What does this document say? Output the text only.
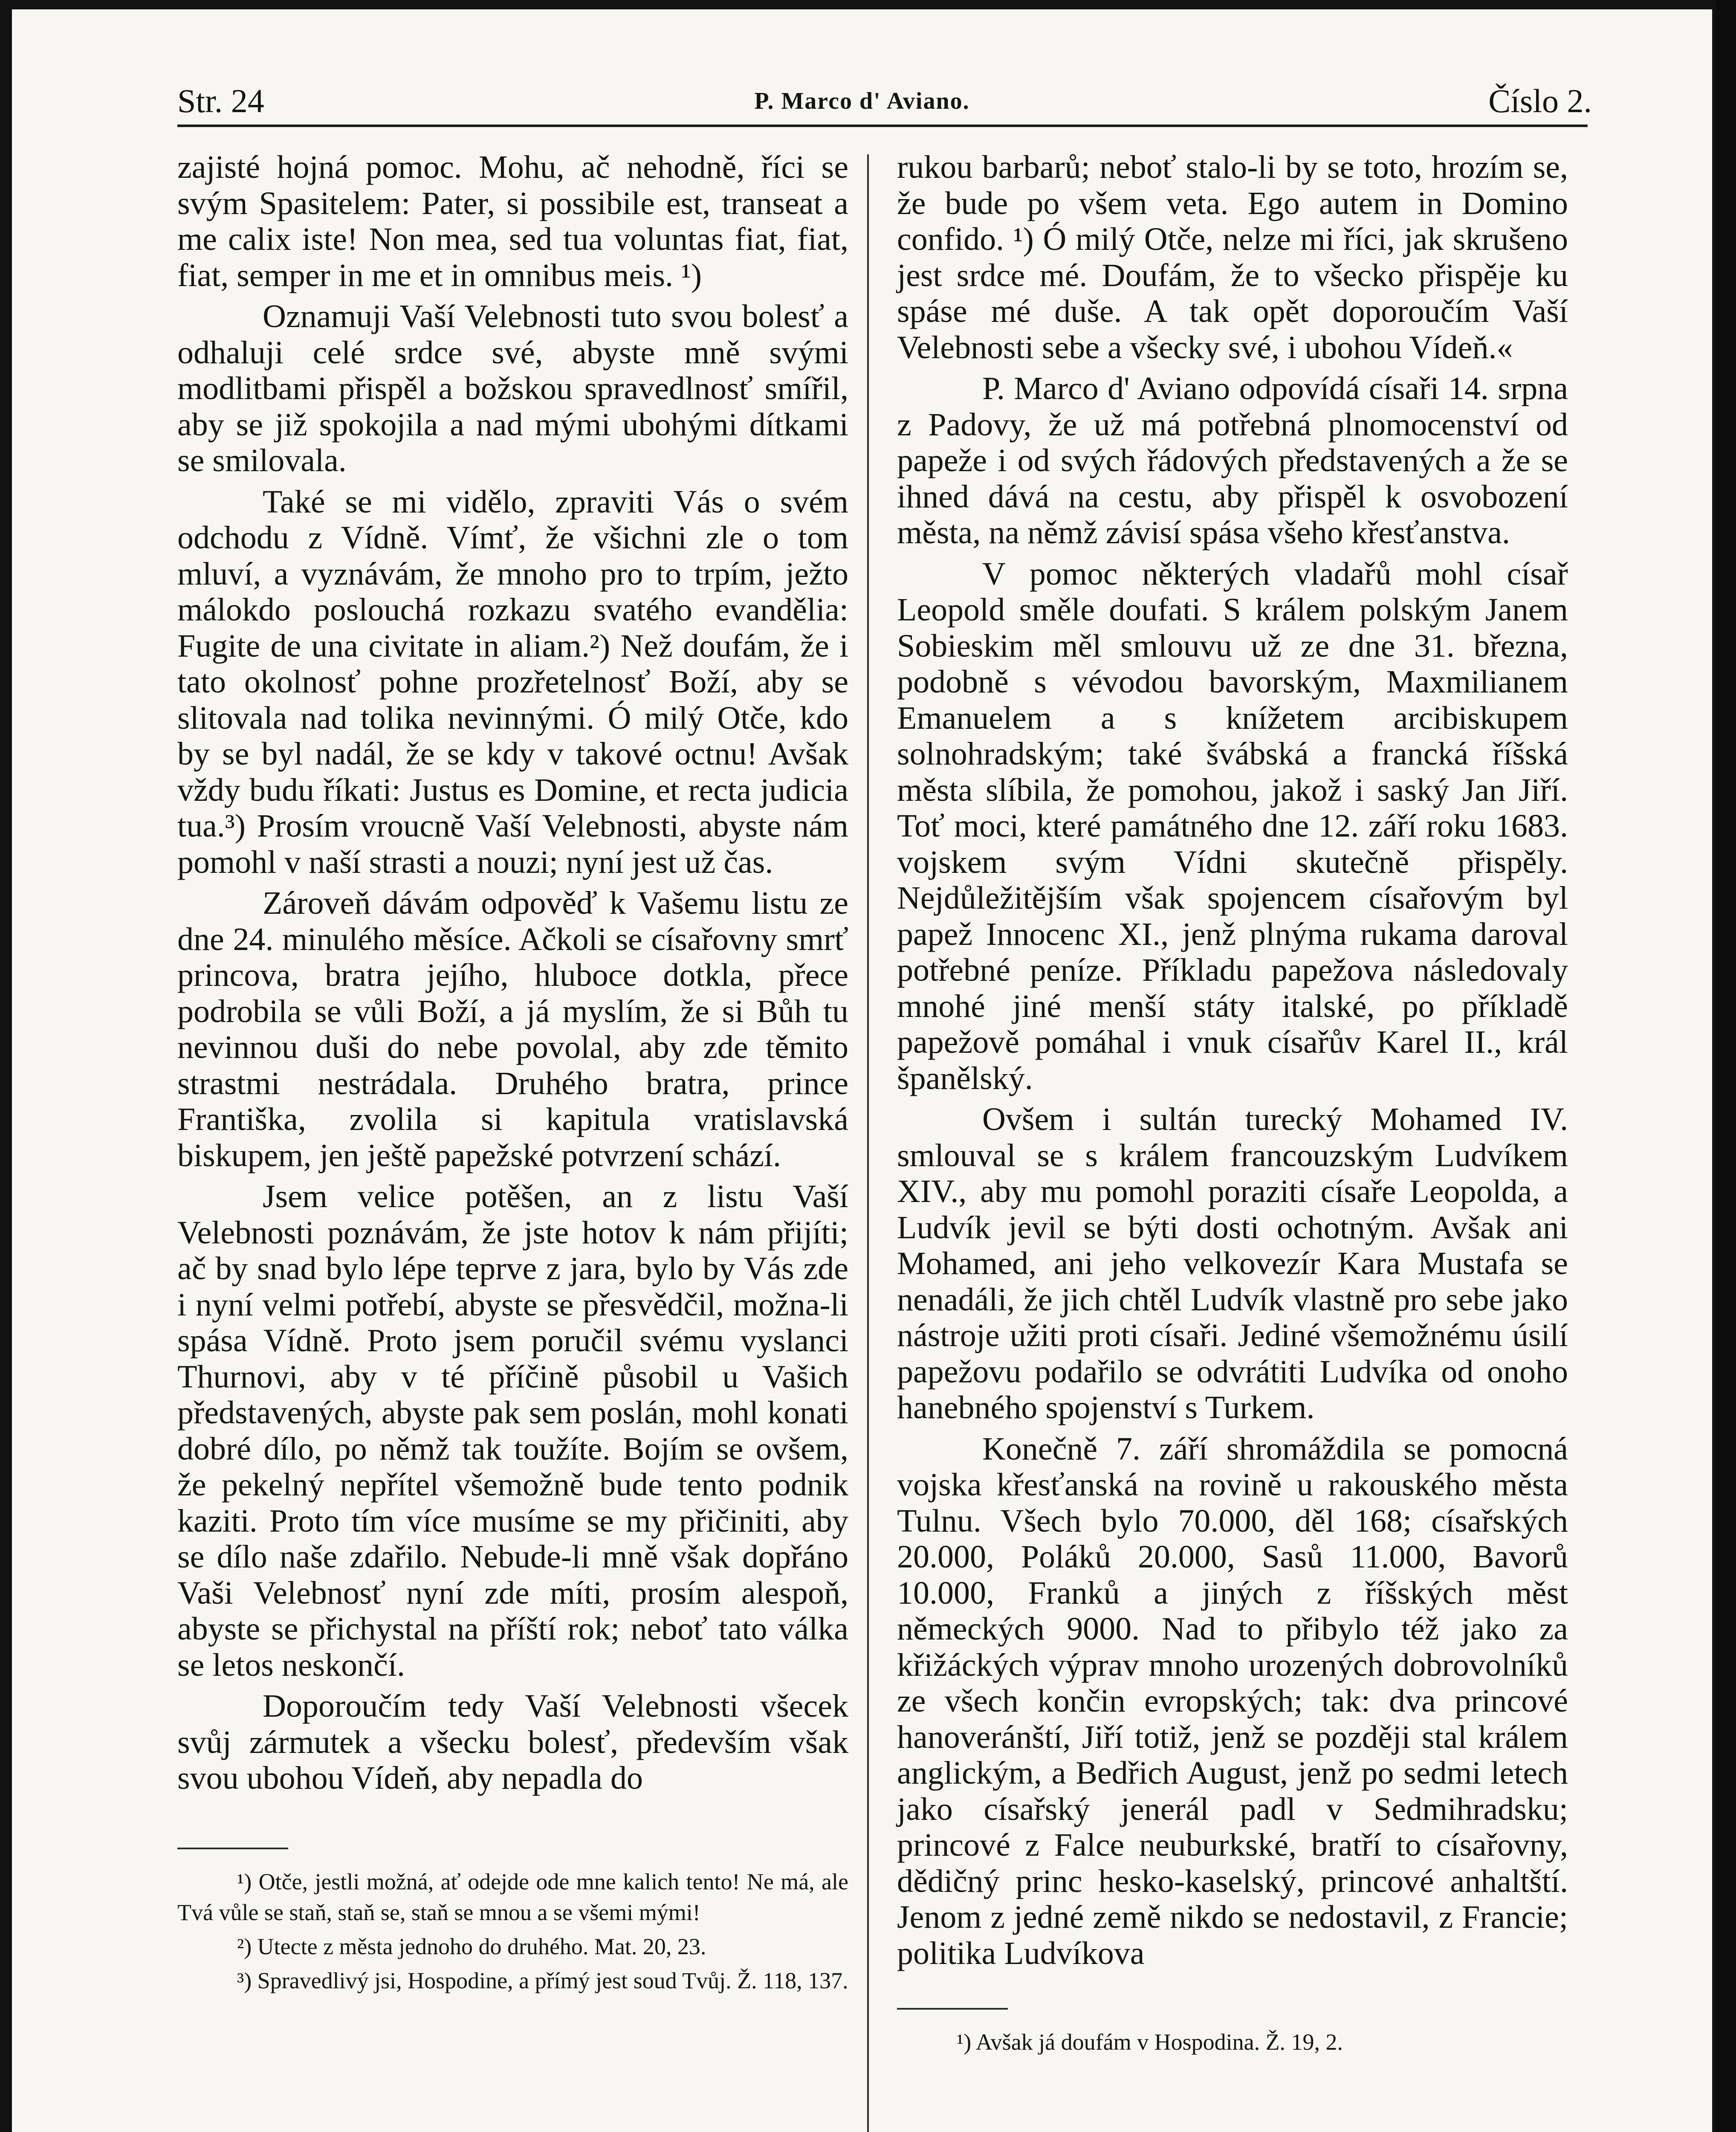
P. Marco d' Aviano.
Str. 24	Číslo 2.

zajisté hojná pomoc. Mohu, ač nehodně, říci se svým Spasitelem: Pater, si possibile est, transeat a me calix iste! Non mea, sed tua voluntas fiat, fiat, fiat, semper in me et in omnibus meis. ¹)

Oznamuji Vaší Velebnosti tuto svou bolesť a odhaluji celé srdce své, abyste mně svými modlitbami přispěl a božskou spravedlnosť smířil, aby se již spokojila a nad mými ubohými dítkami se smilovala.

Také se mi vidělo, zpraviti Vás o svém odchodu z Vídně. Vímť, že všichni zle o tom mluví, a vyznávám, že mnoho pro to trpím, ježto málokdo poslouchá rozkazu svatého evandělia: Fugite de una civitate in aliam.²) Než doufám, že i tato okolnosť pohne prozřetelnosť Boží, aby se slitovala nad tolika nevinnými. Ó milý Otče, kdo by se byl nadál, že se kdy v takové octnu! Avšak vždy budu říkati: Justus es Domine, et recta judicia tua.³) Prosím vroucně Vaší Velebnosti, abyste nám pomohl v naší strasti a nouzi; nyní jest už čas.

Zároveň dávám odpověď k Vašemu listu ze dne 24. minulého měsíce. Ačkoli se císařovny smrť princova, bratra jejího, hluboce dotkla, přece podrobila se vůli Boží, a já myslím, že si Bůh tu nevinnou duši do nebe povolal, aby zde těmito strastmi nestrádala. Druhého bratra, prince Františka, zvolila si kapitula vratislavská biskupem, jen ještě papežské potvrzení schází.

Jsem velice potěšen, an z listu Vaší Velebnosti poznávám, že jste hotov k nám přijíti; ač by snad bylo lépe teprve z jara, bylo by Vás zde i nyní velmi potřebí, abyste se přesvědčil, možna-li spása Vídně. Proto jsem poručil svému vyslanci Thurnovi, aby v té příčině působil u Vašich představených, abyste pak sem poslán, mohl konati dobré dílo, po němž tak toužíte. Bojím se ovšem, že pekelný nepřítel všemožně bude tento podnik kaziti. Proto tím více musíme se my přičiniti, aby se dílo naše zdařilo. Nebude-li mně však dopřáno Vaši Velebnosť nyní zde míti, prosím alespoň, abyste se přichystal na příští rok; neboť tato válka se letos neskončí.

Doporoučím tedy Vaší Velebnosti všecek svůj zármutek a všecku bolesť, především však svou ubohou Vídeň, aby nepadla do

¹) Otče, jestli možná, ať odejde ode mne kalich tento! Ne má, ale Tvá vůle se staň, staň se, staň se mnou a se všemi mými!

²) Utecte z města jednoho do druhého. Mat. 20, 23.

³) Spravedlivý jsi, Hospodine, a přímý jest soud Tvůj. Ž. 118, 137.

rukou barbarů; neboť stalo-li by se toto, hrozím se, že bude po všem veta. Ego autem in Domino confido. ¹) Ó milý Otče, nelze mi říci, jak skrušeno jest srdce mé. Doufám, že to všecko přispěje ku spáse mé duše. A tak opět doporoučím Vaší Velebnosti sebe a všecky své, i ubohou Vídeň.«

P. Marco d' Aviano odpovídá císaři 14. srpna z Padovy, že už má potřebná plnomocenství od papeže i od svých řádových představených a že se ihned dává na cestu, aby přispěl k osvobození města, na němž závisí spása všeho křesťanstva.

V pomoc některých vladařů mohl císař Leopold směle doufati. S králem polským Janem Sobieskim měl smlouvu už ze dne 31. března, podobně s vévodou bavorským, Maxmilianem Emanuelem a s knížetem arcibiskupem solnohradským; také švábská a francká říšská města slíbila, že pomohou, jakož i saský Jan Jiří. Toť moci, které památného dne 12. září roku 1683. vojskem svým Vídni skutečně přispěly. Nejdůležitějším však spojencem císařovým byl papež Innocenc XI., jenž plnýma rukama daroval potřebné peníze. Příkladu papežova následovaly mnohé jiné menší státy italské, po příkladě papežově pomáhal i vnuk císařův Karel II., král španělský.

Ovšem i sultán turecký Mohamed IV. smlouval se s králem francouzským Ludvíkem XIV., aby mu pomohl poraziti císaře Leopolda, a Ludvík jevil se býti dosti ochotným. Avšak ani Mohamed, ani jeho velkovezír Kara Mustafa se nenadáli, že jich chtěl Ludvík vlastně pro sebe jako nástroje užiti proti císaři. Jediné všemožnému úsilí papežovu podařilo se odvrátiti Ludvíka od onoho hanebného spojenství s Turkem.

Konečně 7. září shromáždila se pomocná vojska křesťanská na rovině u rakouského města Tulnu. Všech bylo 70.000, děl 168; císařských 20.000, Poláků 20.000, Sasů 11.000, Bavorů 10.000, Franků a jiných z říšských měst německých 9000. Nad to přibylo též jako za křižáckých výprav mnoho urozených dobrovolníků ze všech končin evropských; tak: dva princové hanoveránští, Jiří totiž, jenž se později stal králem anglickým, a Bedřich August, jenž po sedmi letech jako císařský jenerál padl v Sedmihradsku; princové z Falce neuburkské, bratří to císařovny, dědičný princ hesko-kaselský, princové anhaltští. Jenom z jedné země nikdo se nedostavil, z Francie; politika Ludvíkova

¹) Avšak já doufám v Hospodina. Ž. 19, 2.
